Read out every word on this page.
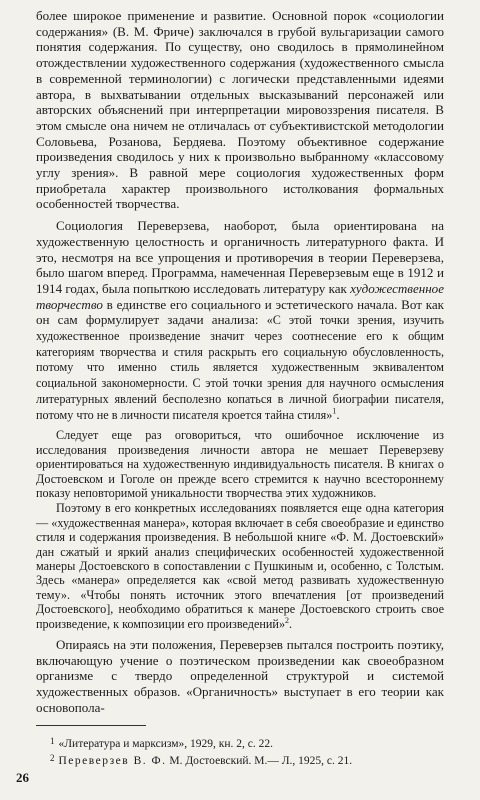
более широкое применение и развитие. Основной порок «социологии содержания» (В. М. Фриче) заключался в грубой вульгаризации самого понятия содержания. По существу, оно сводилось в прямолинейном отождествлении художественного содержания (художественного смысла в современной терминологии) с логически представленными идеями автора, в выхватывании отдельных высказываний персонажей или авторских объяснений при интерпретации мировоззрения писателя. В этом смысле она ничем не отличалась от субъективистской методологии Соловьева, Розанова, Бердяева. Поэтому объективное содержание произведения сводилось у них к произвольно выбранному «классовому углу зрения». В равной мере социология художественных форм приобретала характер произвольного истолкования формальных особенностей творчества.

Социология Переверзева, наоборот, была ориентирована на художественную целостность и органичность литературного факта. И это, несмотря на все упрощения и противоречия в теории Переверзева, было шагом вперед. Программа, намеченная Переверзевым еще в 1912 и 1914 годах, была попыткою исследовать литературу как художественное творчество в единстве его социального и эстетического начала. Вот как он сам формулирует задачи анализа: «С этой точки зрения, изучить художественное произведение значит через соотнесение его к общим категориям творчества и стиля раскрыть его социальную обусловленность, потому что именно стиль является художественным эквивалентом социальной закономерности. С этой точки зрения для научного осмысления литературных явлений бесполезно копаться в личной биографии писателя, потому что не в личности писателя кроется тайна стиля»$^1$.

Следует еще раз оговориться, что ошибочное исключение из исследования произведения личности автора не мешает Переверзеву ориентироваться на художественную индивидуальность писателя. В книгах о Достоевском и Гоголе он прежде всего стремится к научно всестороннему показу неповторимой уникальности творчества этих художников.

Поэтому в его конкретных исследованиях появляется еще одна категория — «художественная манера», которая включает в себя своеобразие и единство стиля и содержания произведения. В небольшой книге «Ф. М. Достоевский» дан сжатый и яркий анализ специфических особенностей художественной манеры Достоевского в сопоставлении с Пушкиным и, особенно, с Толстым. Здесь «манера» определяется как «свой метод развивать художественную тему». «Чтобы понять источник этого впечатления [от произведений Достоевского], необходимо обратиться к манере Достоевского строить свое произведение, к композиции его произведений»$^2$.

Опираясь на эти положения, Переверзев пытался построить поэтику, включающую учение о поэтическом произведении как своеобразном организме с твердо определенной структурой и системой художественных образов. «Органичность» выступает в его теории как основопола-

$^1$ «Литература и марксизм», 1929, кн. 2, с. 22.

$^2$ Переверзев В. Ф. М. Достоевский. М.— Л., 1925, с. 21.

26
